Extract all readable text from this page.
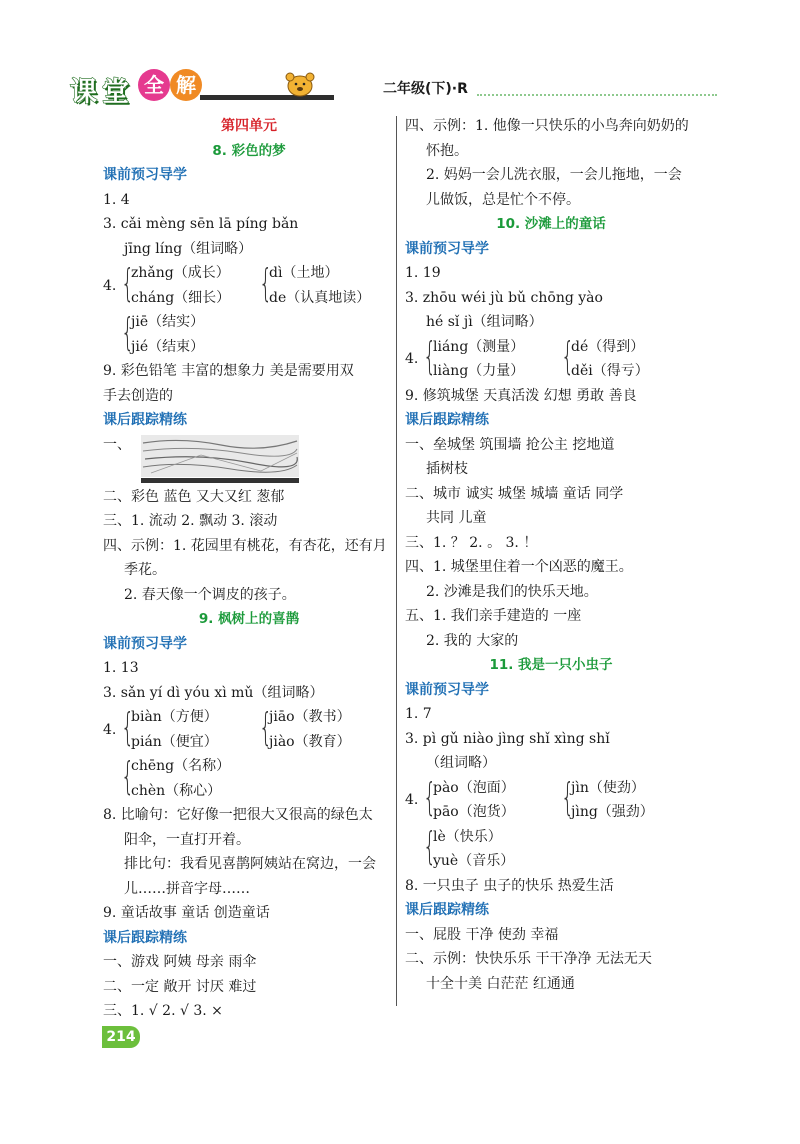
课 堂 全 解	二年级(下)·R
第四单元
8. 彩色的梦
课前预习导学
1. 4
3. cǎi mèng sēn lā píng bǎn
jīng líng（组词略）
4. {
zhǎng（成长）
cháng（细长） {
dì（土地）
de（认真地读）
{
jiē（结实）
jié（结束）
9. 彩色铅笔 丰富的想象力 美是需要用双
手去创造的
课后跟踪精练
一、
二、彩色 蓝色 又大又红 葱郁
三、1. 流动 2. 飘动 3. 滚动
四、示例：1. 花园里有桃花，有杏花，还有月
季花。
2. 春天像一个调皮的孩子。
9. 枫树上的喜鹊
课前预习导学
1. 13
3. sǎn yí dì yóu xì mǔ（组词略）
4. {
biàn（方便）
pián（便宜） {
jiāo（教书）
jiào（教育）
{
chēng（名称）
chèn（称心）
8. 比喻句：它好像一把很大又很高的绿色太
阳伞，一直打开着。
排比句：我看见喜鹊阿姨站在窝边，一会
儿……拼音字母……
9. 童话故事 童话 创造童话
课后跟踪精练
一、游戏 阿姨 母亲 雨伞
二、一定 敞开 讨厌 难过
三、1. √ 2. √ 3. ×
四、示例：1. 他像一只快乐的小鸟奔向奶奶的
怀抱。
2. 妈妈一会儿洗衣服，一会儿拖地，一会
儿做饭，总是忙个不停。
10. 沙滩上的童话
课前预习导学
1. 19
3. zhōu wéi jù bǔ chōng yào
hé sǐ jì（组词略）
4. {
liáng（测量）
liàng（力量） {
dé（得到）
děi（得亏）
9. 修筑城堡 天真活泼 幻想 勇敢 善良
课后跟踪精练
一、垒城堡 筑围墙 抢公主 挖地道
插树枝
二、城市 诚实 城堡 城墙 童话 同学
共同 儿童
三、1. ？ 2. 。 3. ！
四、1. 城堡里住着一个凶恶的魔王。
2. 沙滩是我们的快乐天地。
五、1. 我们亲手建造的 一座
2. 我的 大家的
11. 我是一只小虫子
课前预习导学
1. 7
3. pì gǔ niào jìng shǐ xìng shǐ
（组词略）
4. {
pào（泡面）
pāo（泡货） {
jìn（使劲）
jìng（强劲）
{
lè（快乐）
yuè（音乐）
8. 一只虫子 虫子的快乐 热爱生活
课后跟踪精练
一、屁股 干净 使劲 幸福
二、示例：快快乐乐 干干净净 无法无天
十全十美 白茫茫 红通通
214
